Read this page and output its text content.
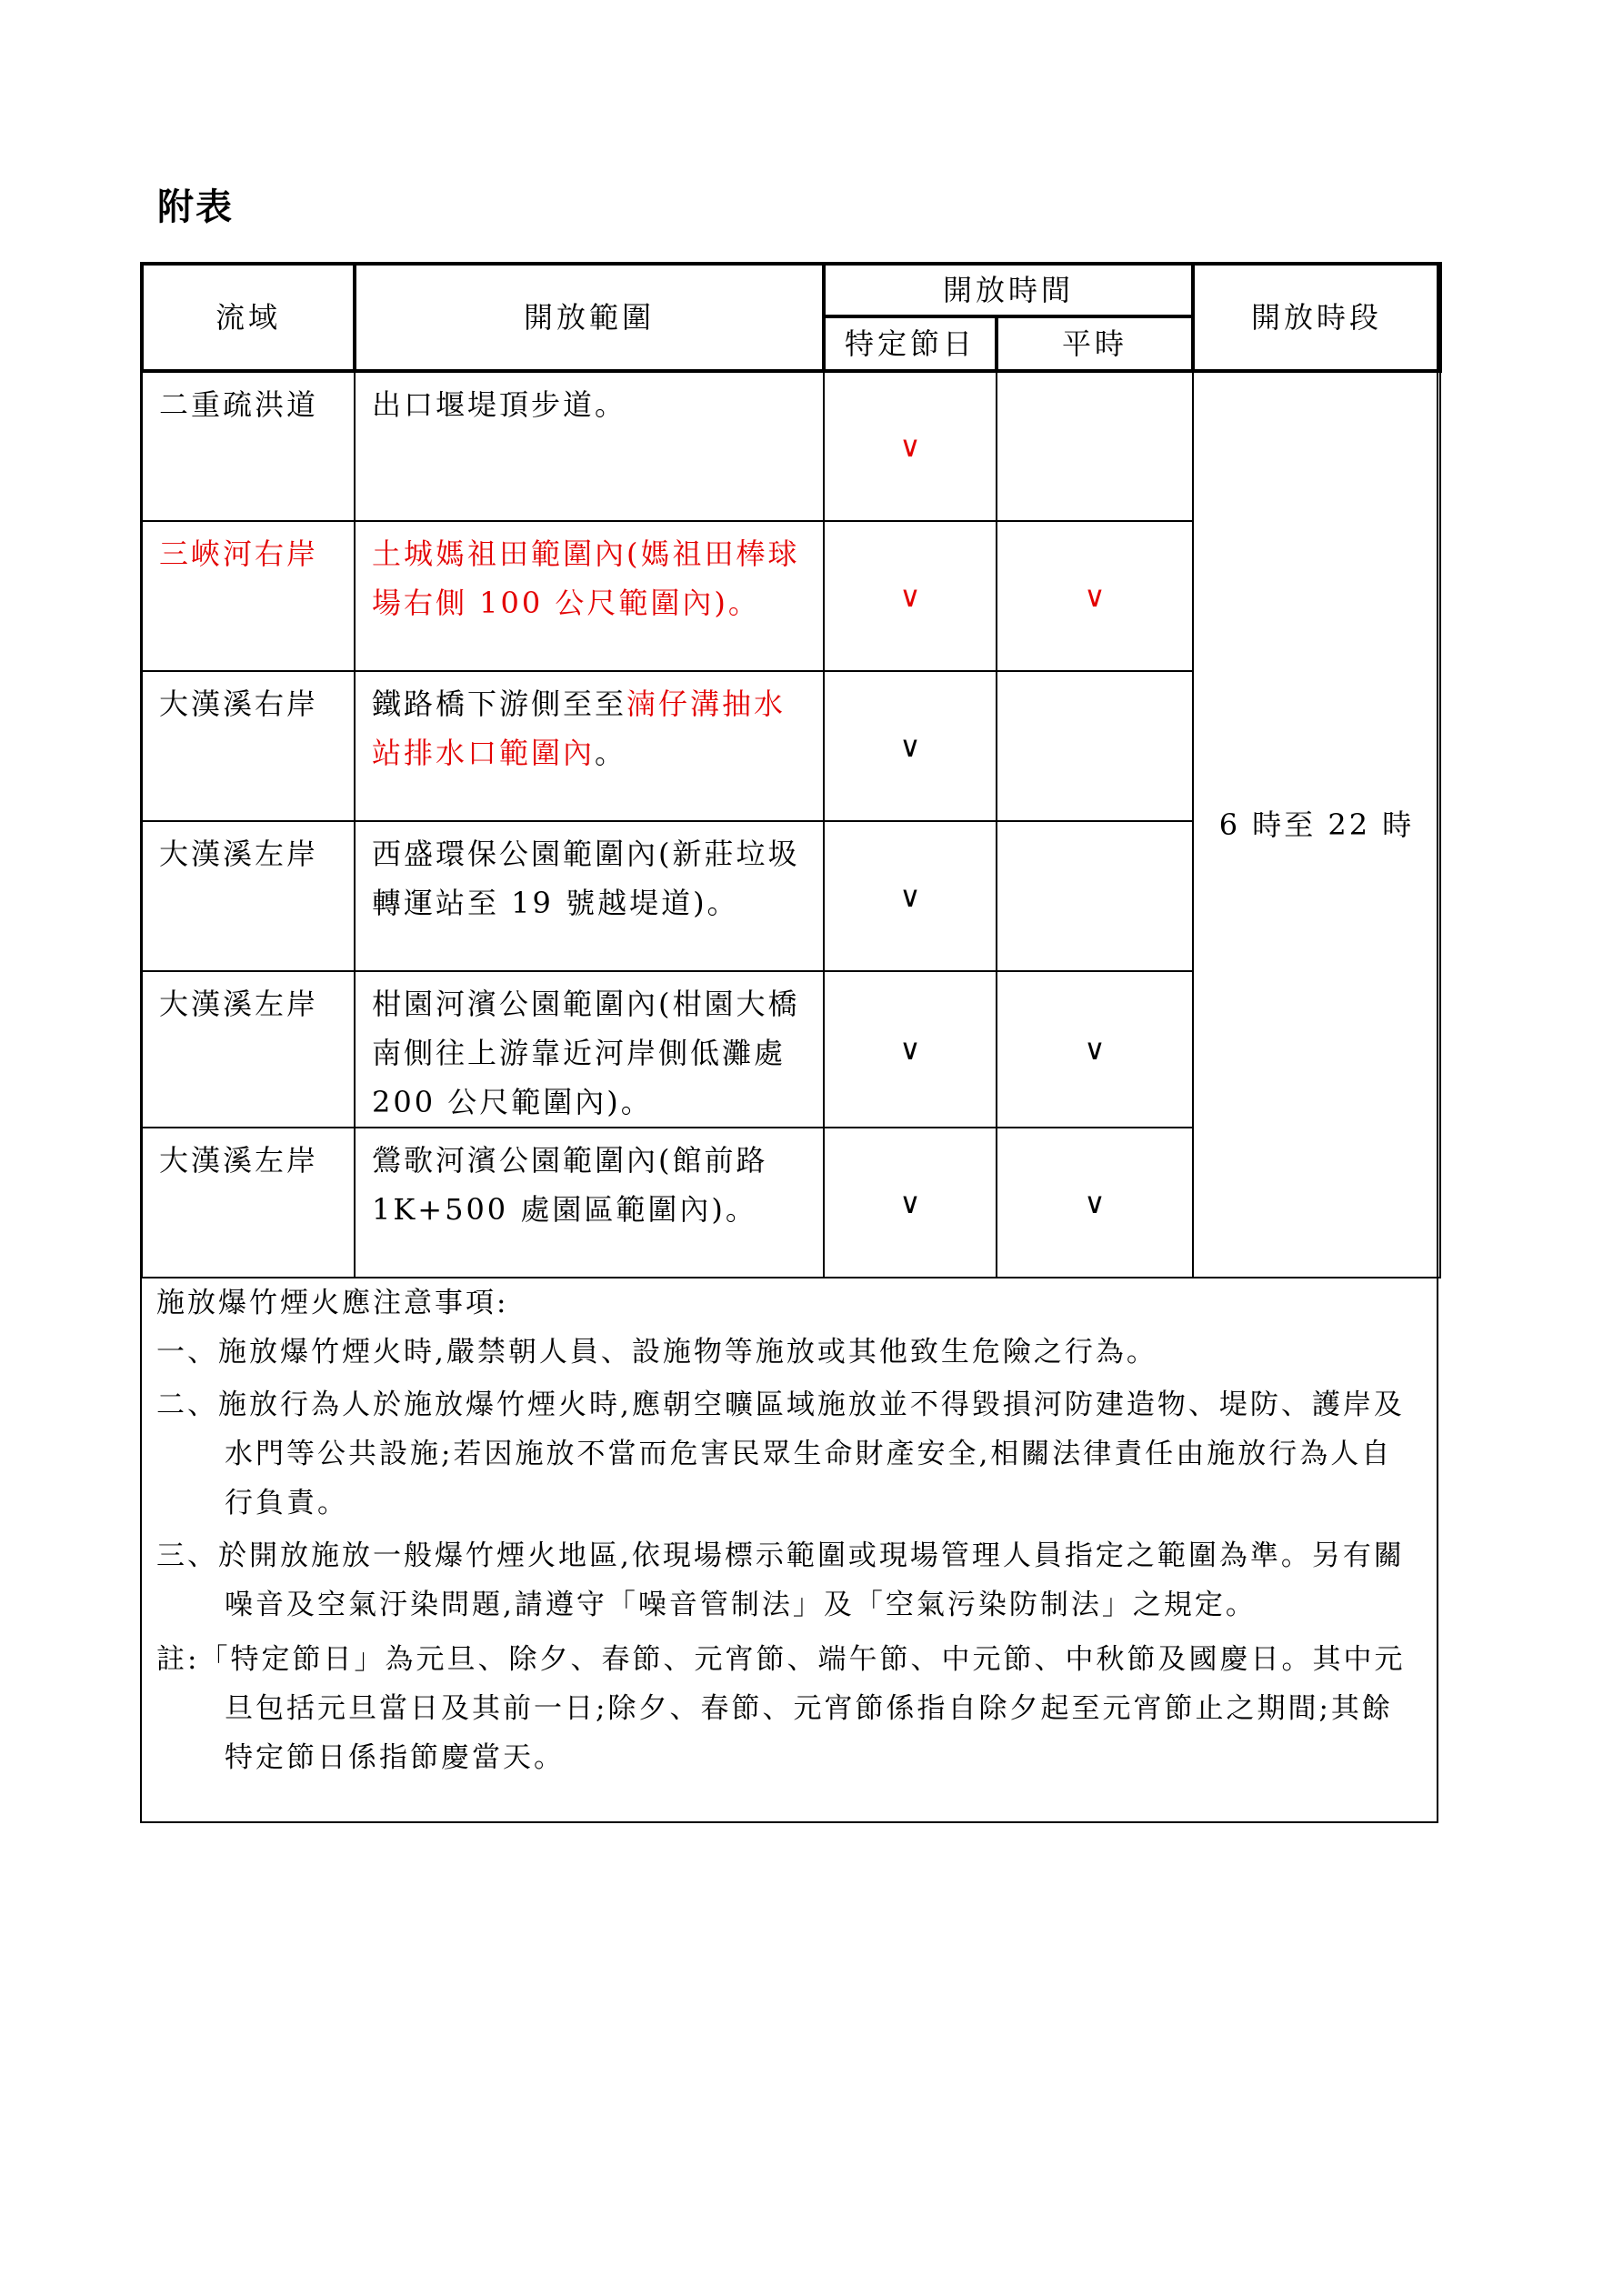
附表
流域	開放範圍	開放時間		開放時段
		特定節日	平時	
二重疏洪道	出口堰堤頂步道。	∨		6 時至 22 時
三峽河右岸	土城媽祖田範圍內(媽祖田棒球場右側 100 公尺範圍內)。	∨	∨	
大漢溪右岸	鐵路橋下游側至至湳仔溝抽水站排水口範圍內。	∨		
大漢溪左岸	西盛環保公園範圍內(新莊垃圾轉運站至 19 號越堤道)。	∨		
大漢溪左岸	柑園河濱公園範圍內(柑園大橋南側往上游靠近河岸側低灘處 200 公尺範圍內)。	∨	∨	
大漢溪左岸	鶯歌河濱公園範圍內(館前路 1K+500 處園區範圍內)。	∨	∨	

施放爆竹煙火應注意事項:

一、施放爆竹煙火時,嚴禁朝人員、設施物等施放或其他致生危險之行為。

二、施放行為人於施放爆竹煙火時,應朝空曠區域施放並不得毀損河防建造物、堤防、護岸及水門等公共設施;若因施放不當而危害民眾生命財產安全,相關法律責任由施放行為人自行負責。

三、於開放施放一般爆竹煙火地區,依現場標示範圍或現場管理人員指定之範圍為準。另有關噪音及空氣汙染問題,請遵守「噪音管制法」及「空氣污染防制法」之規定。

註:「特定節日」為元旦、除夕、春節、元宵節、端午節、中元節、中秋節及國慶日。其中元旦包括元旦當日及其前一日;除夕、春節、元宵節係指自除夕起至元宵節止之期間;其餘特定節日係指節慶當天。
